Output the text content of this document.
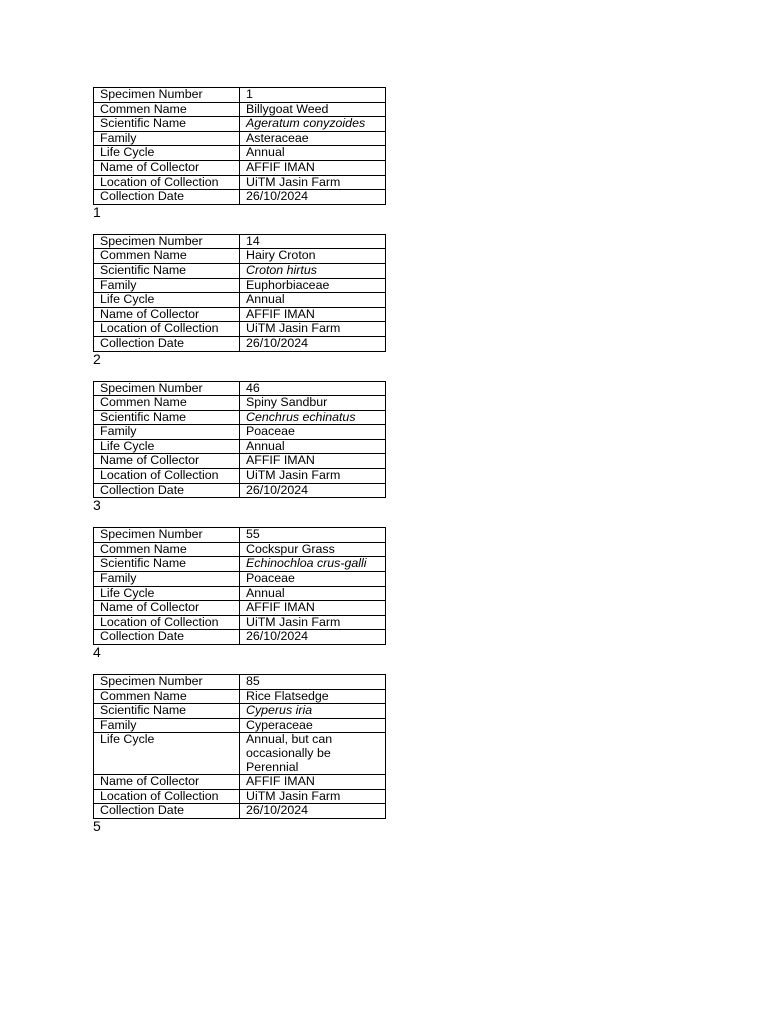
Specimen Number	1
Commen Name	Billygoat Weed
Scientific Name	Ageratum conyzoides
Family	Asteraceae
Life Cycle	Annual
Name of Collector	AFFIF IMAN
Location of Collection	UiTM Jasin Farm
Collection Date	26/10/2024
1
Specimen Number	14
Commen Name	Hairy Croton
Scientific Name	Croton hirtus
Family	Euphorbiaceae
Life Cycle	Annual
Name of Collector	AFFIF IMAN
Location of Collection	UiTM Jasin Farm
Collection Date	26/10/2024
2
Specimen Number	46
Commen Name	Spiny Sandbur
Scientific Name	Cenchrus echinatus
Family	Poaceae
Life Cycle	Annual
Name of Collector	AFFIF IMAN
Location of Collection	UiTM Jasin Farm
Collection Date	26/10/2024
3
Specimen Number	55
Commen Name	Cockspur Grass
Scientific Name	Echinochloa crus-galli
Family	Poaceae
Life Cycle	Annual
Name of Collector	AFFIF IMAN
Location of Collection	UiTM Jasin Farm
Collection Date	26/10/2024
4
Specimen Number	85
Commen Name	Rice Flatsedge
Scientific Name	Cyperus iria
Family	Cyperaceae
Life Cycle	Annual, but can occasionally be Perennial
Name of Collector	AFFIF IMAN
Location of Collection	UiTM Jasin Farm
Collection Date	26/10/2024
5
